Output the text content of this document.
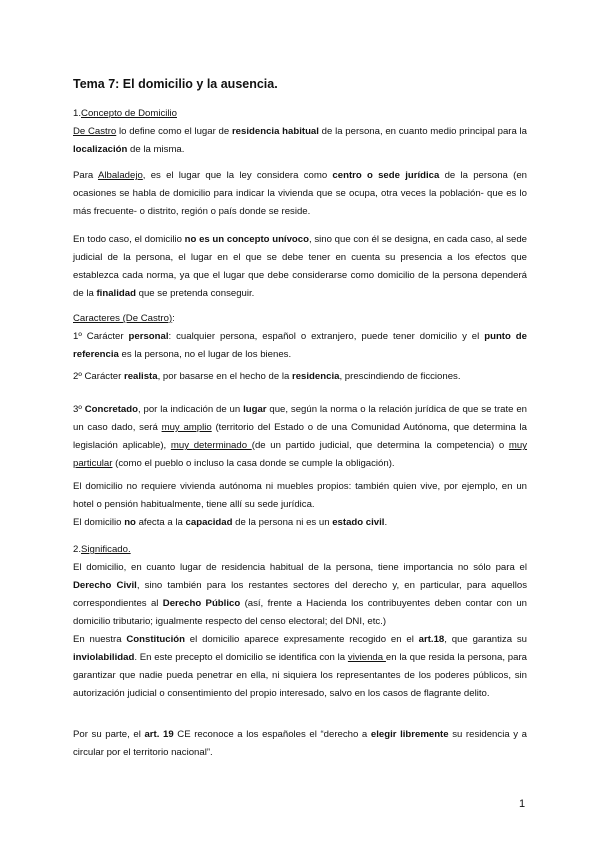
Tema 7: El domicilio y la ausencia.

1.Concepto de Domicilio

De Castro lo define como el lugar de residencia habitual de la persona, en cuanto medio principal para la localización de la misma.

Para Albaladejo, es el lugar que la ley considera como centro o sede jurídica de la persona (en ocasiones se habla de domicilio para indicar la vivienda que se ocupa, otra veces la población- que es lo más frecuente- o distrito, región o país donde se reside.

En todo caso, el domicilio no es un concepto unívoco, sino que con él se designa, en cada caso, al sede judicial de la persona, el lugar en el que se debe tener en cuenta su presencia a los efectos que establezca cada norma, ya que el lugar que debe considerarse como domicilio de la persona dependerá de la finalidad que se pretenda conseguir.

Caracteres (De Castro):

1º Carácter personal: cualquier persona, español o extranjero, puede tener domicilio y el punto de referencia es la persona, no el lugar de los bienes.

2º Carácter realista, por basarse en el hecho de la residencia, prescindiendo de ficciones.

3º Concretado, por la indicación de un lugar que, según la norma o la relación jurídica de que se trate en un caso dado, será muy amplio (territorio del Estado o de una Comunidad Autónoma, que determina la legislación aplicable), muy determinado (de un partido judicial, que determina la competencia) o muy particular (como el pueblo o incluso la casa donde se cumple la obligación).

El domicilio no requiere vivienda autónoma ni muebles propios: también quien vive, por ejemplo, en un hotel o pensión habitualmente, tiene allí su sede jurídica.

El domicilio no afecta a la capacidad de la persona ni es un estado civil.

2.Significado.

El domicilio, en cuanto lugar de residencia habitual de la persona, tiene importancia no sólo para el Derecho Civil, sino también para los restantes sectores del derecho y, en particular, para aquellos correspondientes al Derecho Público (así, frente a Hacienda los contribuyentes deben contar con un domicilio tributario; igualmente respecto del censo electoral; del DNI, etc.)

En nuestra Constitución el domicilio aparece expresamente recogido en el art.18, que garantiza su inviolabilidad. En este precepto el domicilio se identifica con la vivienda en la que resida la persona, para garantizar que nadie pueda penetrar en ella, ni siquiera los representantes de los poderes públicos, sin autorización judicial o consentimiento del propio interesado, salvo en los casos de flagrante delito.

Por su parte, el art. 19 CE reconoce a los españoles el “derecho a elegir libremente su residencia y a circular por el territorio nacional”.

1
